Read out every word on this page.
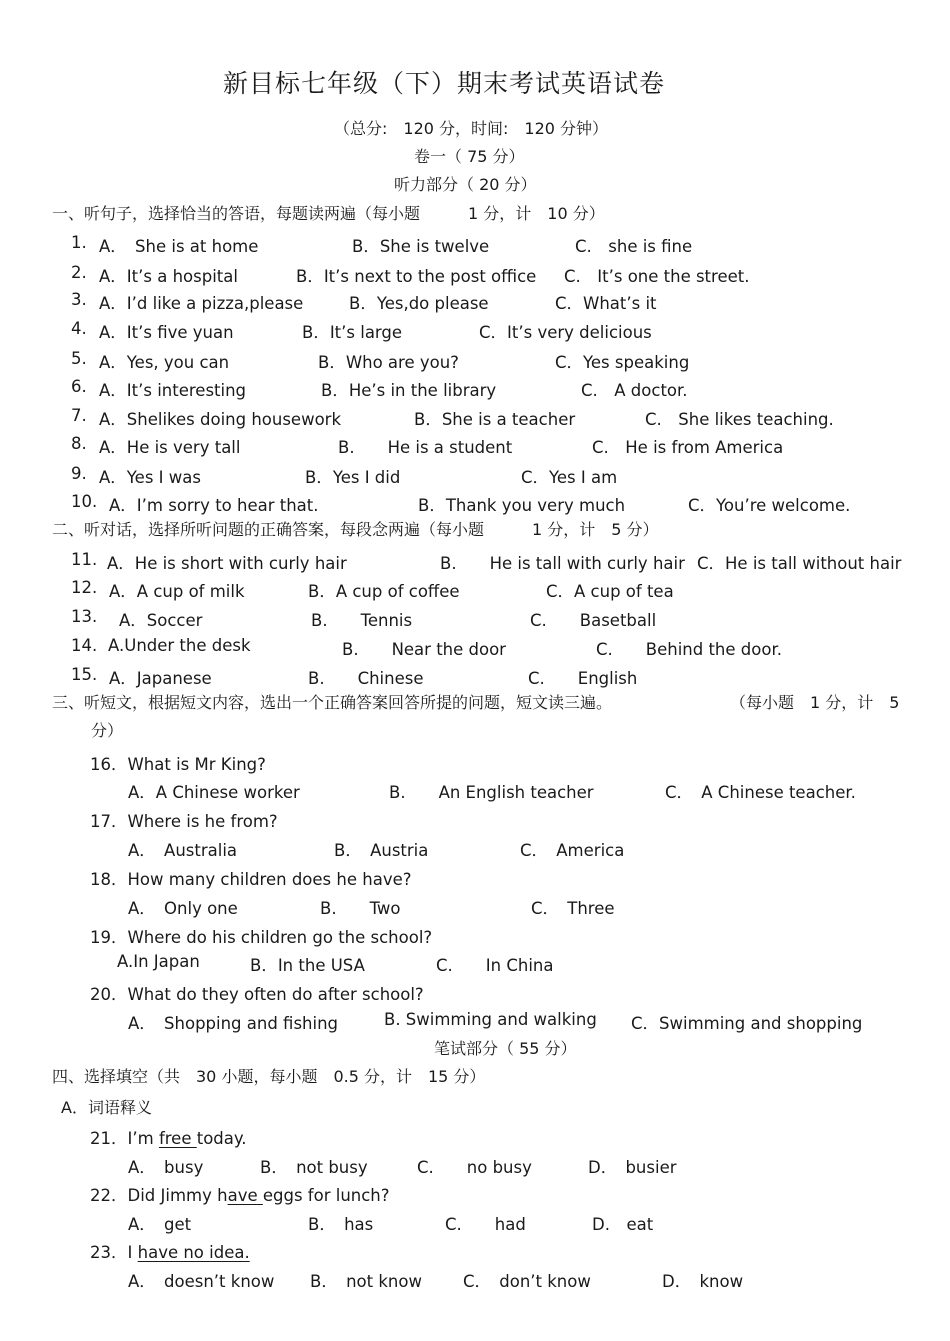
新目标七年级（下）期末考试英语试卷
（总分:　120 分，时间:　120 分钟）
卷一（ 75 分）
听力部分（ 20 分）
一、听句子，选择恰当的答语，每题读两遍（每小题　　　1 分，计　10 分）
1. A．　She is at home	B．She is twelve	C.　she is fine
2. A．It’s a hospital	B．It’s next to the post office C.　It’s one the street.
3. A．I’d like a pizza,please	B．Yes,do please	C．What’s it
4. A．It’s five yuan	B．It’s large	C．It’s very delicious
5. A．Yes, you can	B．Who are you?	C．Yes speaking
6. A．It’s interesting	B．He’s in the library	C.　A doctor.
7. A．Shelikes doing housework	B．She is a teacher	C.　She likes teaching.
8. A．He is very tall	B.　　He is a student	C.　He is from America
9. A．Yes I was	B．Yes I did	C．Yes I am
10. A．I’m sorry to hear that.	B．Thank you very much	C．You’re welcome.
二、听对话，选择所听问题的正确答案，每段念两遍（每小题　　　1 分，计　5 分）
11. A．He is short with curly hair	B.　　He is tall with curly hair C．He is tall without hair
12. A．A cup of milk	B．A cup of coffee	C．A cup of tea
13. A．Soccer	B.　　Tennis	C.　　Basetball
14. A.Under the desk	B.　　Near the door	C.　　Behind the door.
15. A．Japanese	B.　　Chinese	C.　　English
三、听短文，根据短文内容，选出一个正确答案回答所提的问题，短文读三遍。	（每小题　1 分，计　5
分）
16．What is Mr King?
A．A Chinese worker	B.　　An English teacher	C．　A Chinese teacher.
17．Where is he from?
A．　Australia	B．　Austria	C．　America
18．How many children does he have?
A．　Only one	B.　　Two	C．　Three
19．Where do his children go the school?
A.In Japan	B．In the USA	C.　　In China
20．What do they often do after school?
A．　Shopping and fishing	B. Swimming and walking C．Swimming and shopping
笔试部分（ 55 分）
四、选择填空（共　30 小题，每小题　0.5 分，计　15 分）
A．词语释义
21．I’m free today.
A．　busy	B．　not busy	C.　　no busy	D．　busier
22．Did Jimmy have eggs for lunch?
A．　get	B．　has	C.　　had	D.　eat
23．I have no idea.
A．　doesn’t know B．　not know C．　don’t know	D．　know
